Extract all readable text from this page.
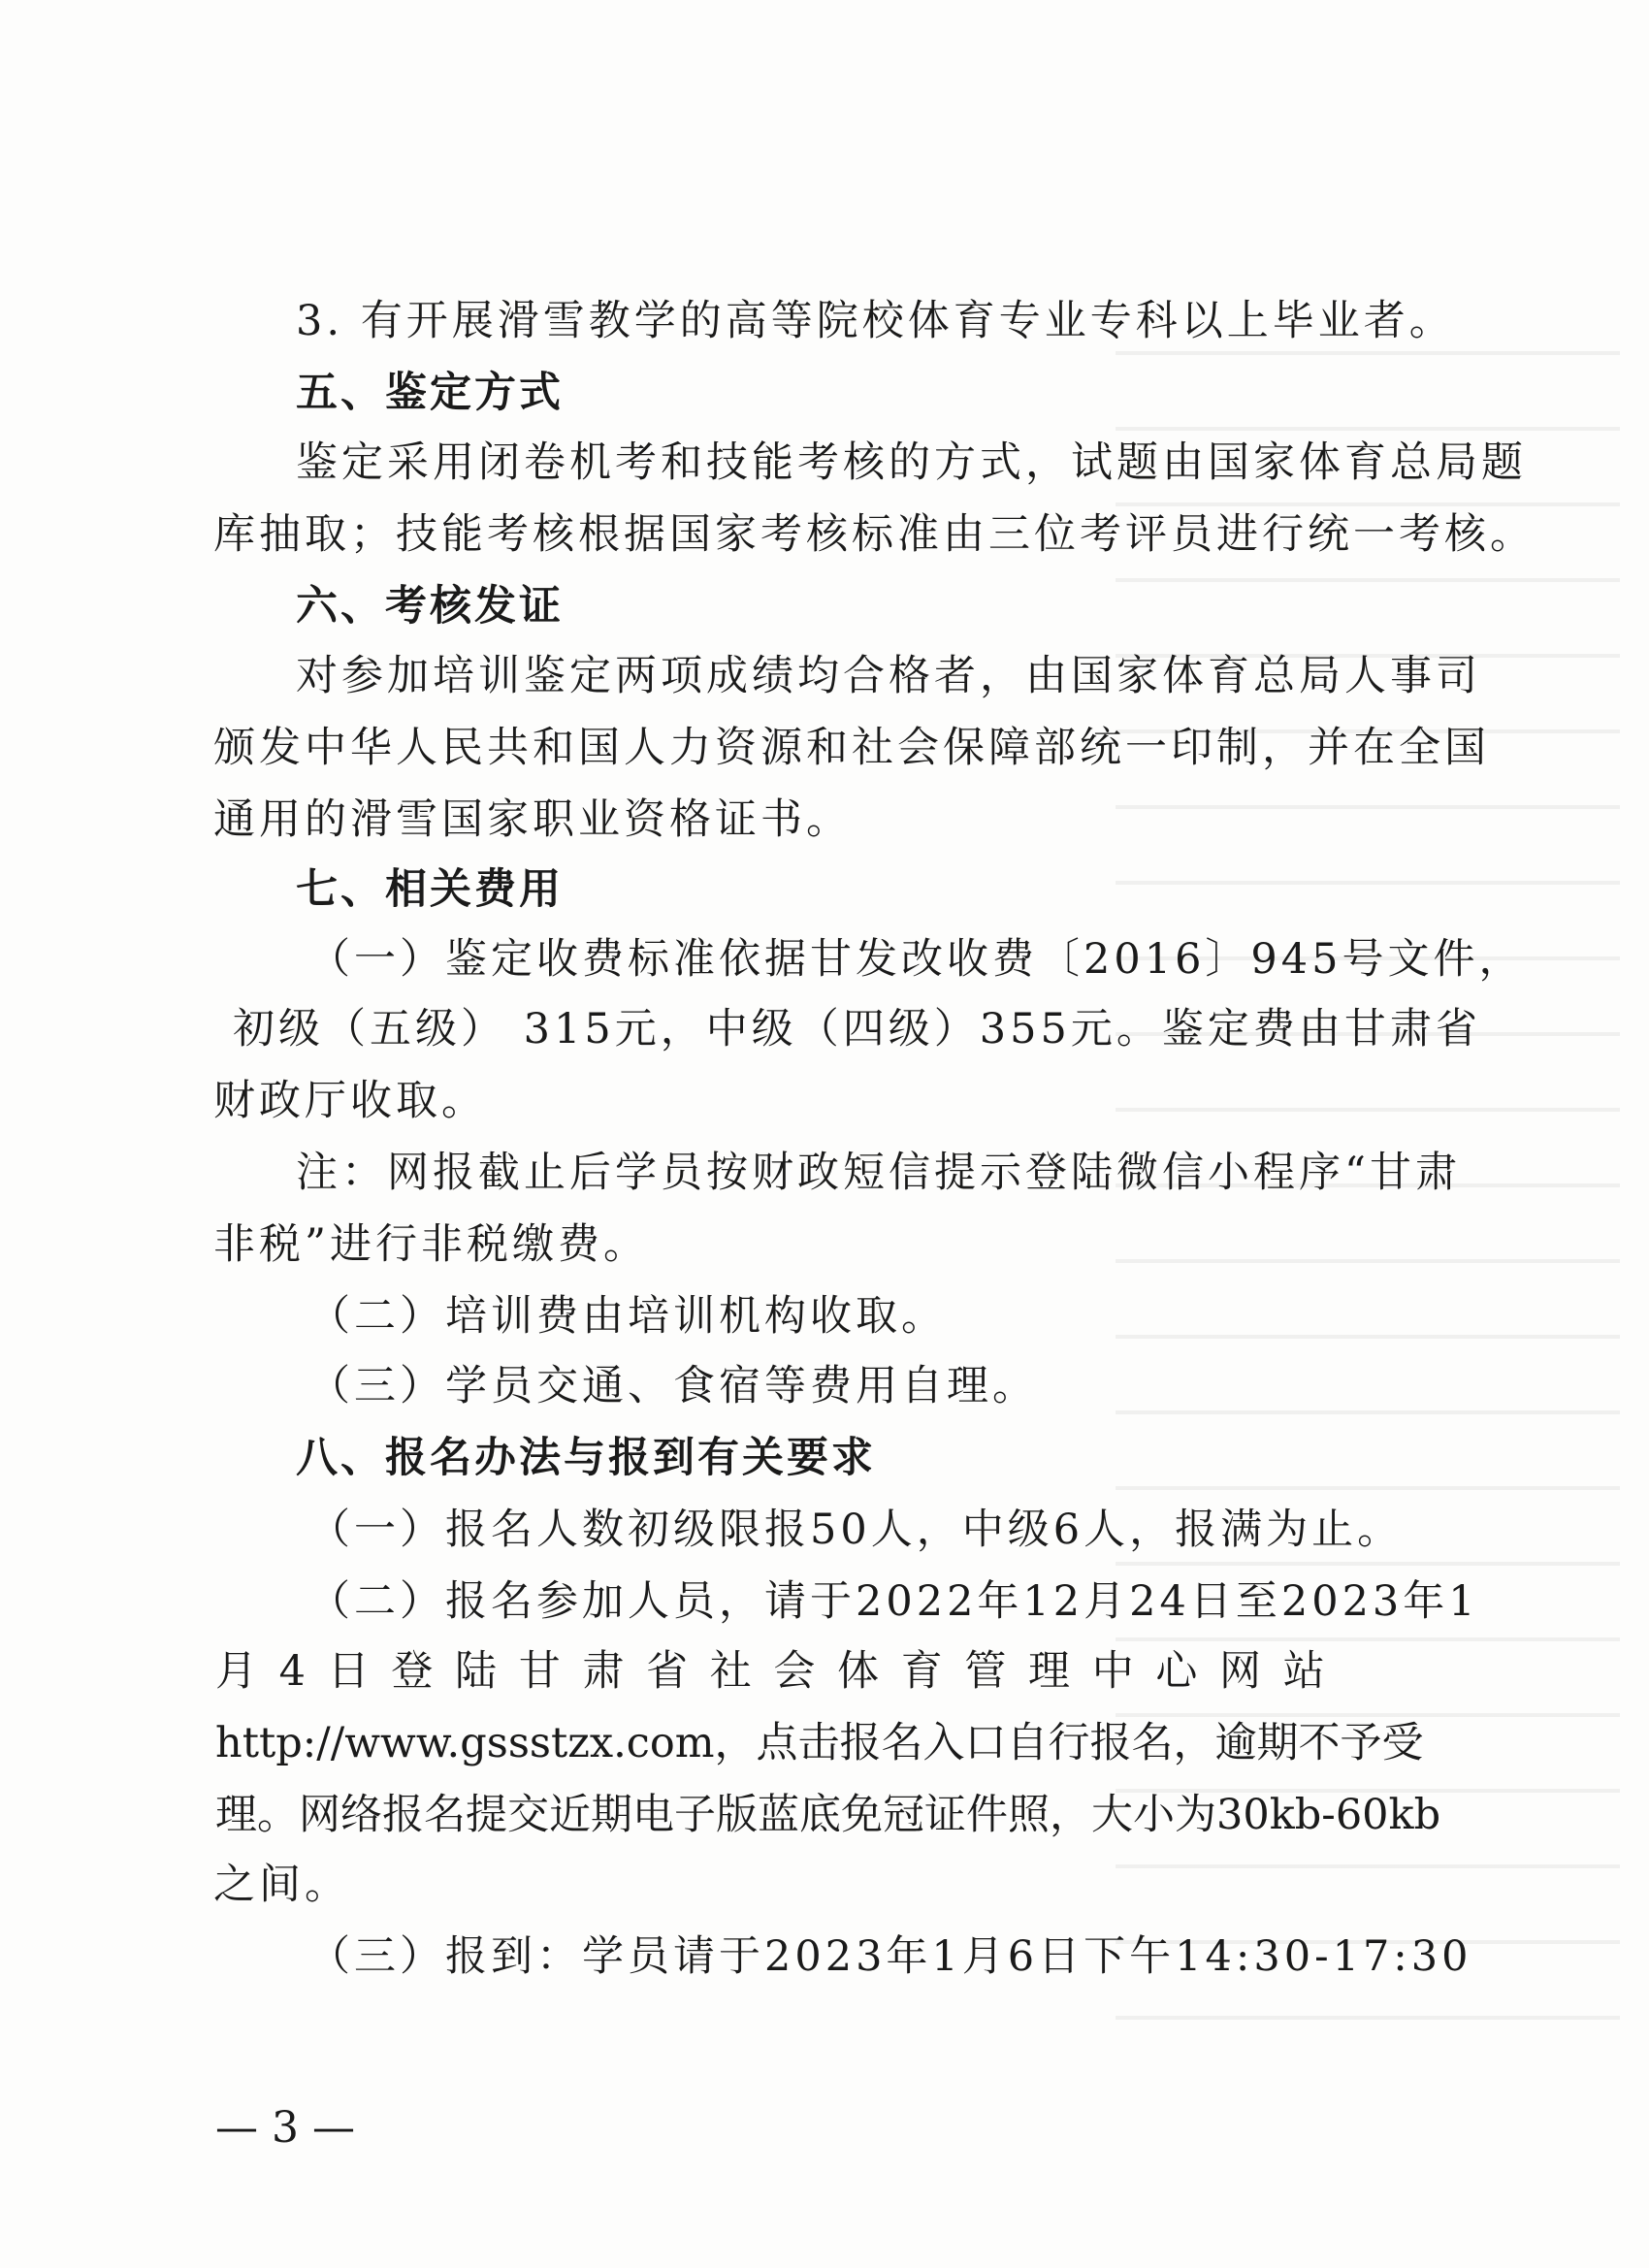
3. 有开展滑雪教学的高等院校体育专业专科以上毕业者。
五、鉴定方式
鉴定采用闭卷机考和技能考核的方式，试题由国家体育总局题
库抽取；技能考核根据国家考核标准由三位考评员进行统一考核。
六、考核发证
对参加培训鉴定两项成绩均合格者，由国家体育总局人事司
颁发中华人民共和国人力资源和社会保障部统一印制，并在全国
通用的滑雪国家职业资格证书。
七、相关费用
（一）鉴定收费标准依据甘发改收费〔2016〕945号文件，
初级（五级） 315元，中级（四级）355元。鉴定费由甘肃省
财政厅收取。
注：网报截止后学员按财政短信提示登陆微信小程序“甘肃
非税”进行非税缴费。
（二）培训费由培训机构收取。
（三）学员交通、食宿等费用自理。
八、报名办法与报到有关要求
（一）报名人数初级限报50人，中级6人，报满为止。
（二）报名参加人员，请于2022年12月24日至2023年1
月 4 日 登 陆 甘 肃 省 社 会 体 育 管 理 中 心 网 站
http://www.gssstzx.com，点击报名入口自行报名，逾期不予受
理。网络报名提交近期电子版蓝底免冠证件照，大小为30kb-60kb
之间。
（三）报到：学员请于2023年1月6日下午14:30-17:30
— 3 —
